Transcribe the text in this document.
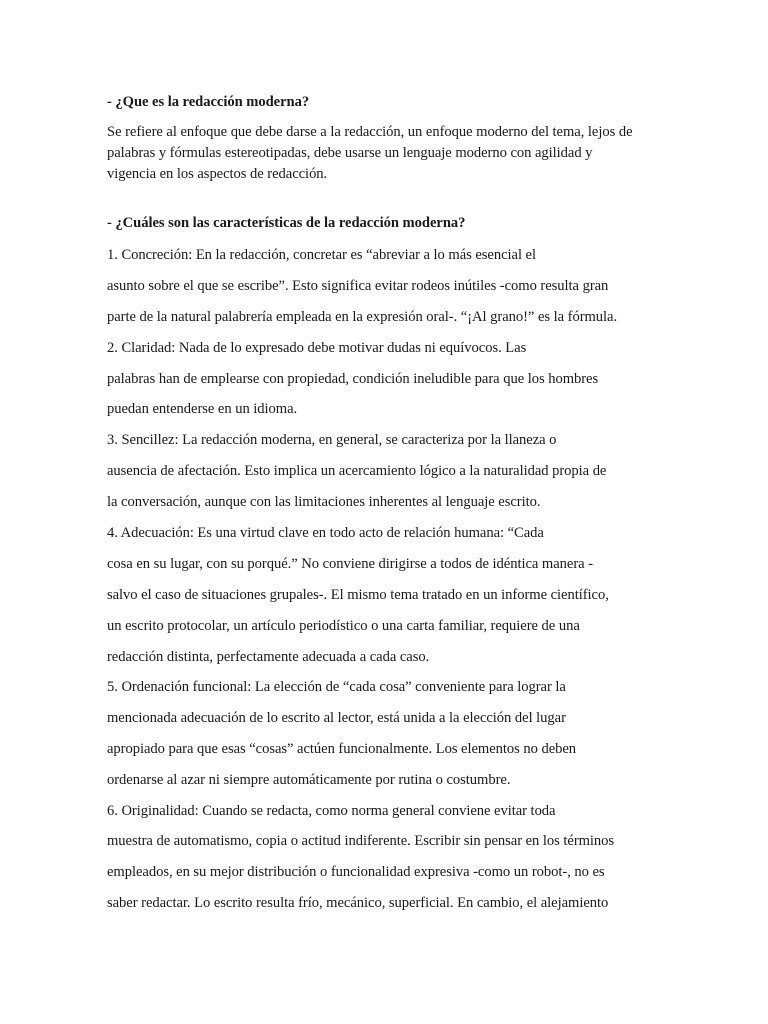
- ¿Que es la redacción moderna?
Se refiere al enfoque que debe darse a la redacción, un enfoque moderno del tema, lejos de
palabras y fórmulas estereotipadas, debe usarse un lenguaje moderno con agilidad y
vigencia en los aspectos de redacción.
- ¿Cuáles son las características de la redacción moderna?
1. Concreción: En la redacción, concretar es “abreviar a lo más esencial el
asunto sobre el que se escribe”. Esto significa evitar rodeos inútiles -como resulta gran
parte de la natural palabrería empleada en la expresión oral-. “¡Al grano!” es la fórmula.
2. Claridad: Nada de lo expresado debe motivar dudas ni equívocos. Las
palabras han de emplearse con propiedad, condición ineludible para que los hombres
puedan entenderse en un idioma.
3. Sencillez: La redacción moderna, en general, se caracteriza por la llaneza o
ausencia de afectación. Esto implica un acercamiento lógico a la naturalidad propia de
la conversación, aunque con las limitaciones inherentes al lenguaje escrito.
4. Adecuación: Es una virtud clave en todo acto de relación humana: “Cada
cosa en su lugar, con su porqué.” No conviene dirigirse a todos de idéntica manera -
salvo el caso de situaciones grupales-. El mismo tema tratado en un informe científico,
un escrito protocolar, un artículo periodístico o una carta familiar, requiere de una
redacción distinta, perfectamente adecuada a cada caso.
5. Ordenación funcional: La elección de “cada cosa” conveniente para lograr la
mencionada adecuación de lo escrito al lector, está unida a la elección del lugar
apropiado para que esas “cosas” actúen funcionalmente. Los elementos no deben
ordenarse al azar ni siempre automáticamente por rutina o costumbre.
6. Originalidad: Cuando se redacta, como norma general conviene evitar toda
muestra de automatismo, copia o actitud indiferente. Escribir sin pensar en los términos
empleados, en su mejor distribución o funcionalidad expresiva -como un robot-, no es
saber redactar. Lo escrito resulta frío, mecánico, superficial. En cambio, el alejamiento
